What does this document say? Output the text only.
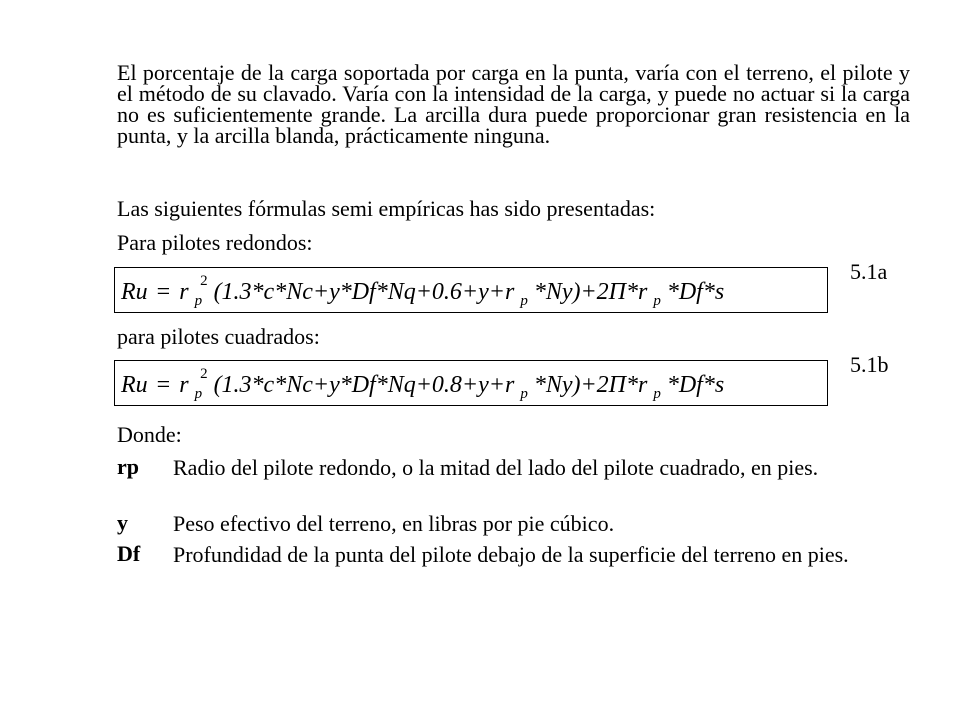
El porcentaje de la carga soportada por carga en la punta, varía con el terreno, el pilote y el método de su clavado. Varía con la intensidad de la carga, y puede no actuar si la carga no es suficientemente grande. La arcilla dura puede proporcionar gran resistencia en la punta, y la arcilla blanda, prácticamente ninguna.
Las siguientes fórmulas semi empíricas has sido presentadas:
Para pilotes redondos:
Ru = r $_p$ 2 (1.3*c*Nc+y*Df*Nq+0.6+y+r $_p$ *Ny)+2Π*r $_p$ *Df*s
5.1a
para pilotes cuadrados:
Ru = r $_p$ 2 (1.3*c*Nc+y*Df*Nq+0.8+y+r $_p$ *Ny)+2Π*r $_p$ *Df*s
5.1b
Donde:
rp Radio del pilote redondo, o la mitad del lado del pilote cuadrado, en pies.
y Peso efectivo del terreno, en libras por pie cúbico.
Df Profundidad de la punta del pilote debajo de la superficie del terreno en pies.
